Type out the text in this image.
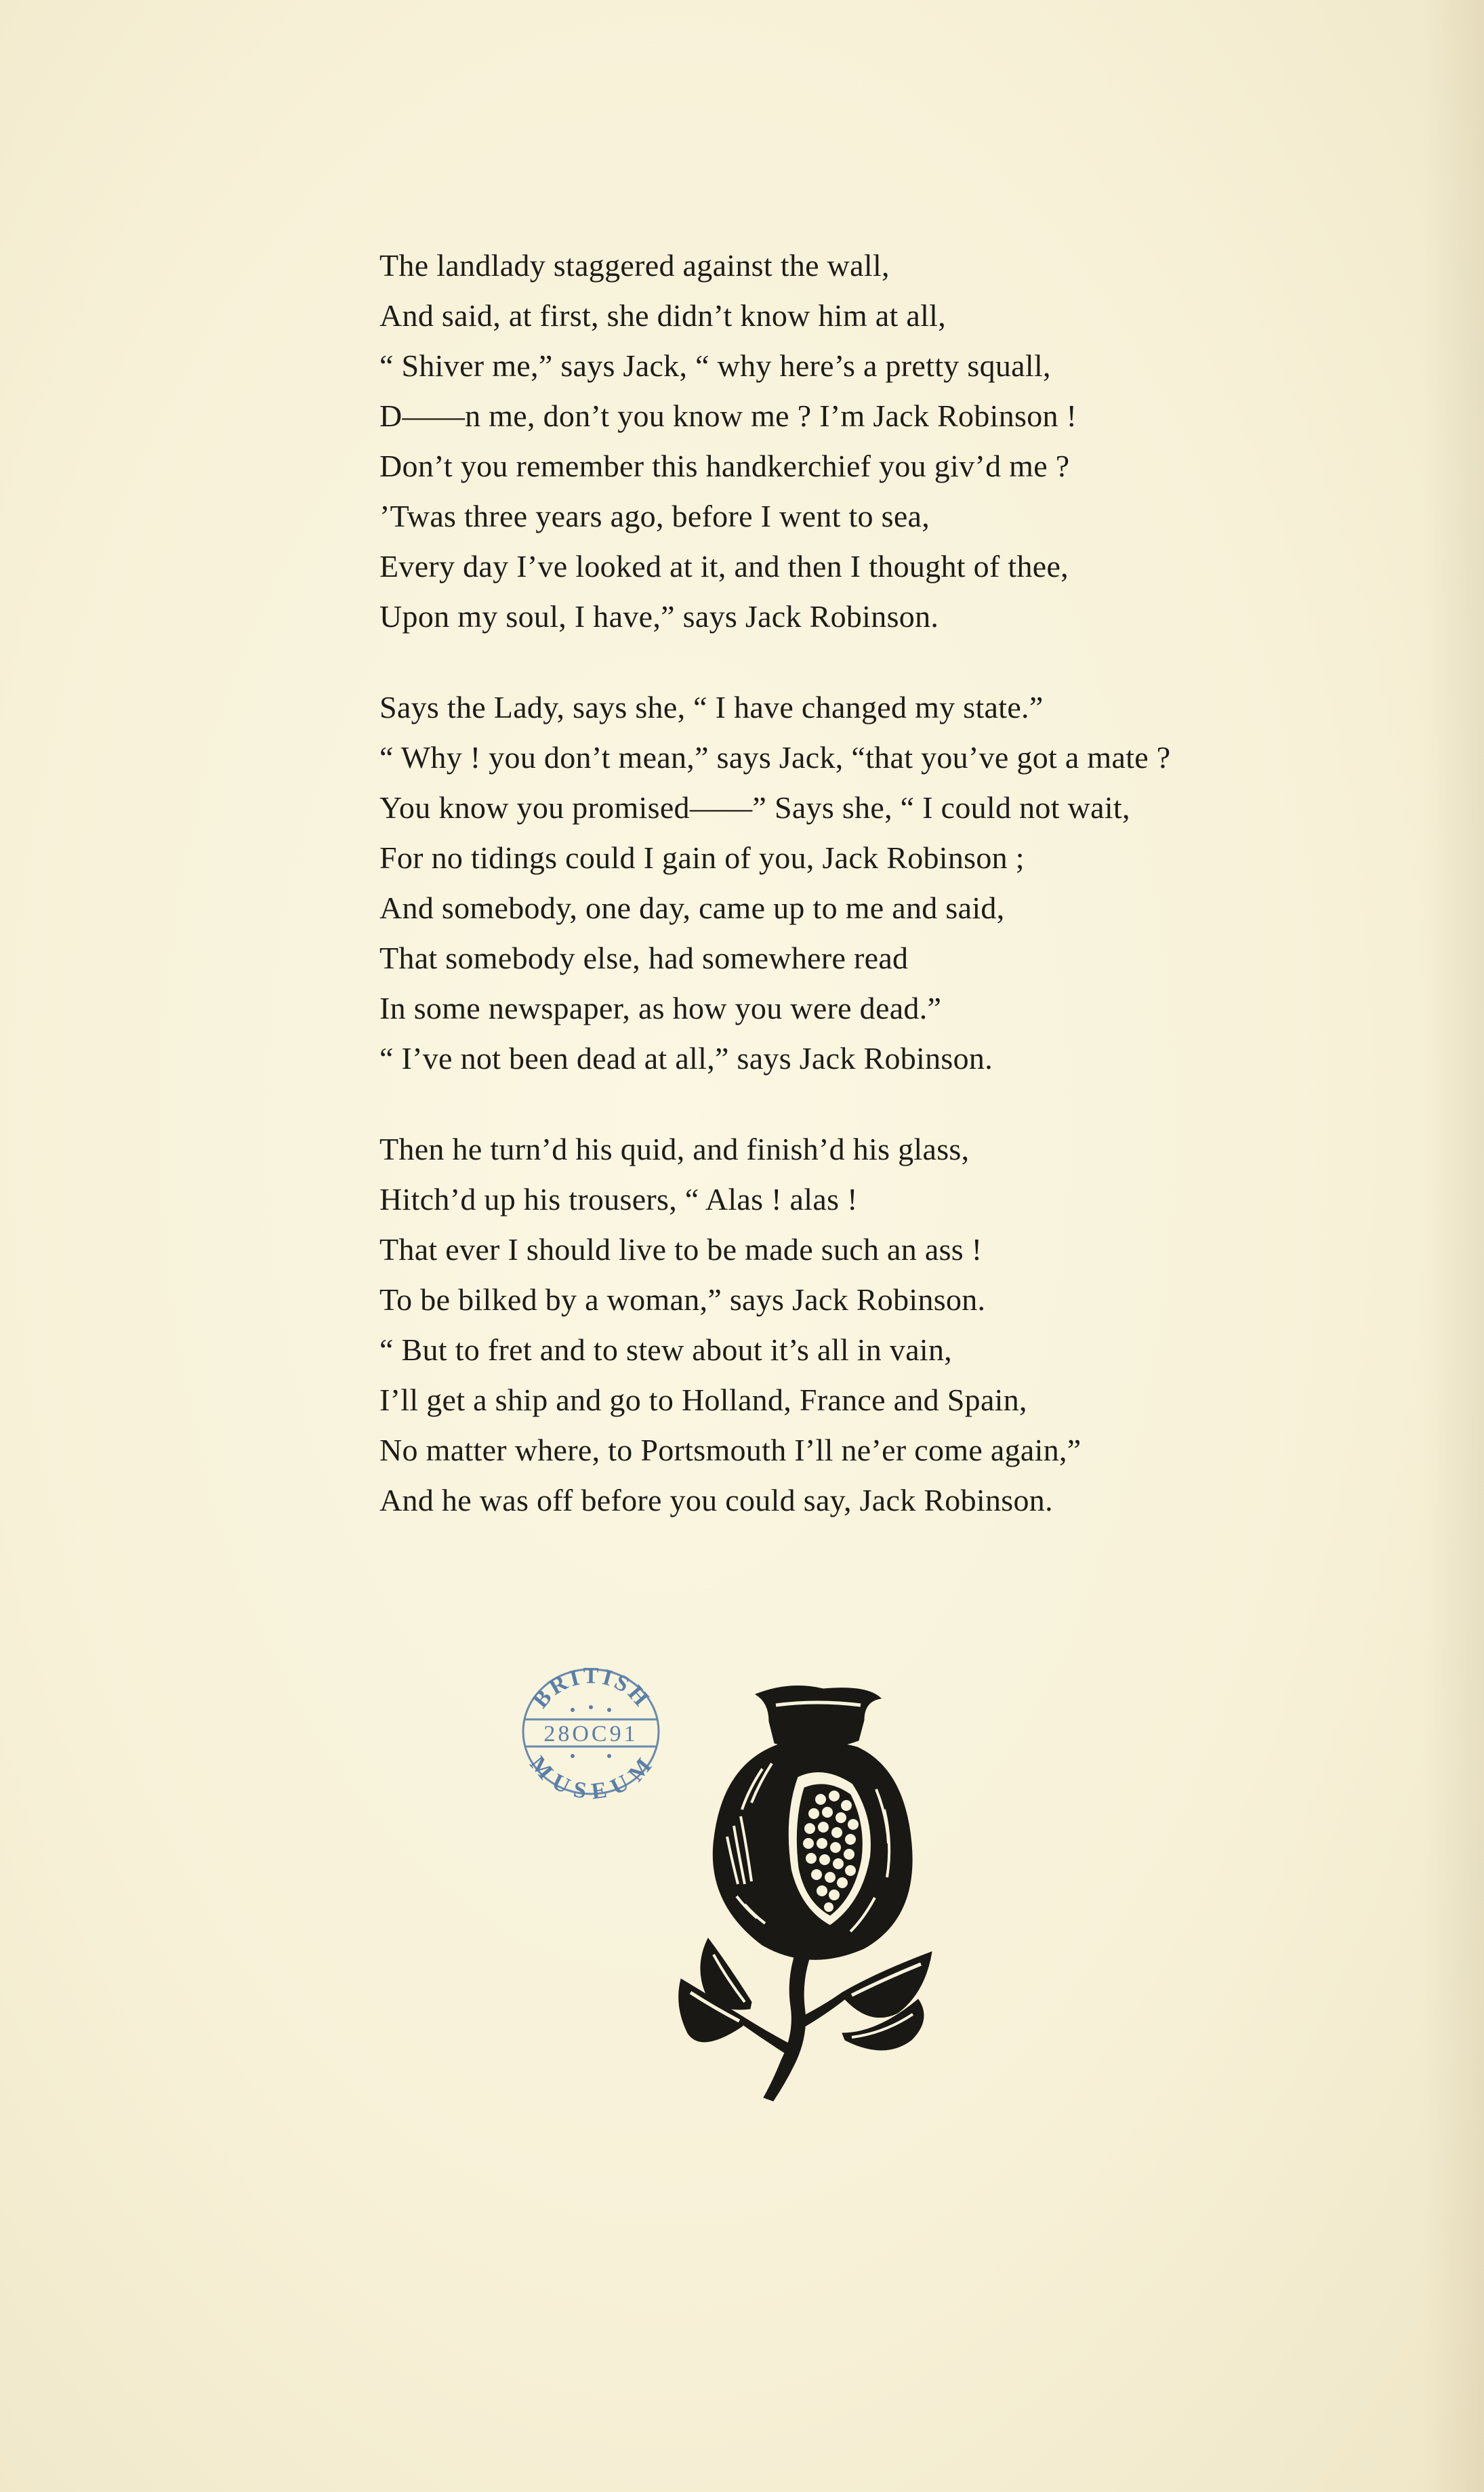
The landlady staggered against the wall,
And said, at first, she didn’t know him at all,
“ Shiver me,” says Jack, “ why here’s a pretty squall,
D——n me, don’t you know me ? I’m Jack Robinson !
Don’t you remember this handkerchief you giv’d me ?
’Twas three years ago, before I went to sea,
Every day I’ve looked at it, and then I thought of thee,
Upon my soul, I have,” says Jack Robinson.
Says the Lady, says she, “ I have changed my state.”
“ Why ! you don’t mean,” says Jack, “that you’ve got a mate ?
You know you promised——” Says she, “ I could not wait,
For no tidings could I gain of you, Jack Robinson ;
And somebody, one day, came up to me and said,
That somebody else, had somewhere read
In some newspaper, as how you were dead.”
“ I’ve not been dead at all,” says Jack Robinson.
Then he turn’d his quid, and finish’d his glass,
Hitch’d up his trousers, “ Alas ! alas !
That ever I should live to be made such an ass !
To be bilked by a woman,” says Jack Robinson.
“ But to fret and to stew about it’s all in vain,
I’ll get a ship and go to Holland, France and Spain,
No matter where, to Portsmouth I’ll ne’er come again,”
And he was off before you could say, Jack Robinson.
BRITISH
28OC91
MUSEUM
